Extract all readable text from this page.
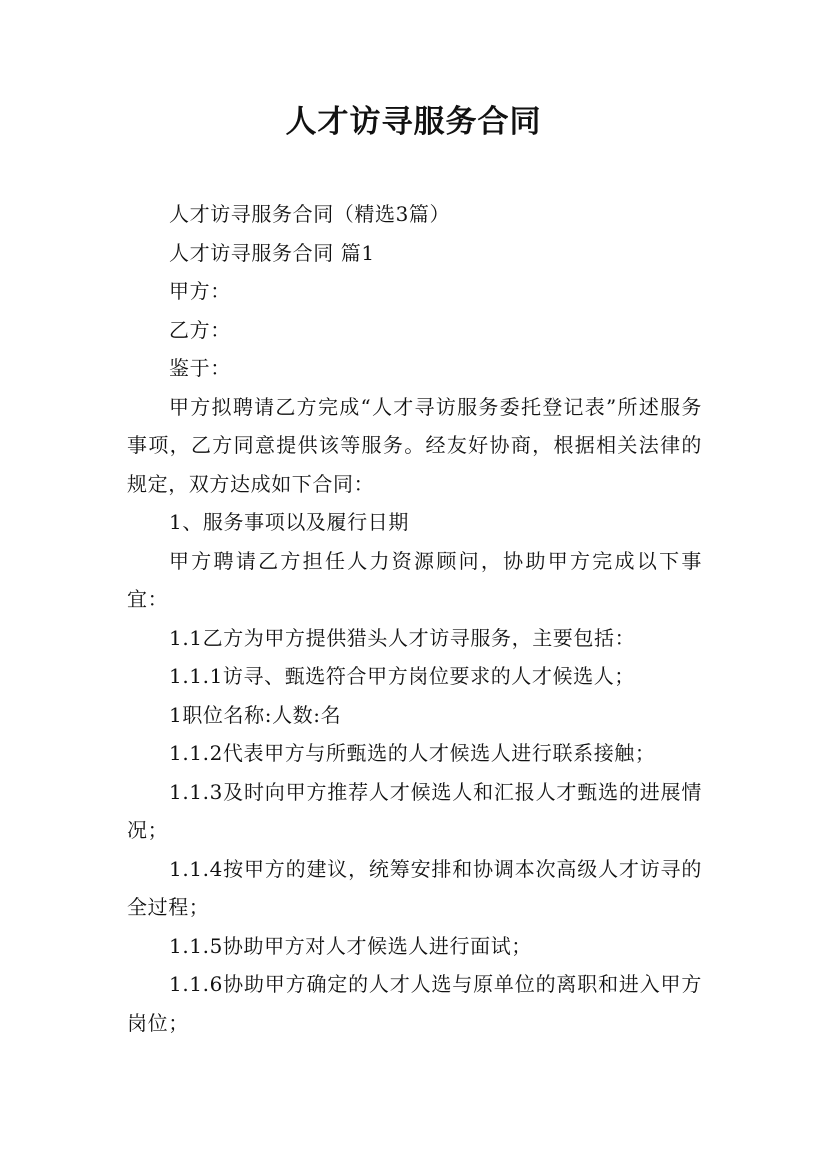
人才访寻服务合同

人才访寻服务合同（精选3篇）

人才访寻服务合同 篇1

甲方：

乙方：

鉴于：

甲方拟聘请乙方完成“人才寻访服务委托登记表”所述服务事项，乙方同意提供该等服务。经友好协商，根据相关法律的规定，双方达成如下合同：

1、服务事项以及履行日期

甲方聘请乙方担任人力资源顾问，协助甲方完成以下事宜：

1.1乙方为甲方提供猎头人才访寻服务，主要包括：

1.1.1访寻、甄选符合甲方岗位要求的人才候选人；

1职位名称:人数:名

1.1.2代表甲方与所甄选的人才候选人进行联系接触；

1.1.3及时向甲方推荐人才候选人和汇报人才甄选的进展情况；

1.1.4按甲方的建议，统筹安排和协调本次高级人才访寻的全过程；

1.1.5协助甲方对人才候选人进行面试；

1.1.6协助甲方确定的人才人选与原单位的离职和进入甲方岗位；
